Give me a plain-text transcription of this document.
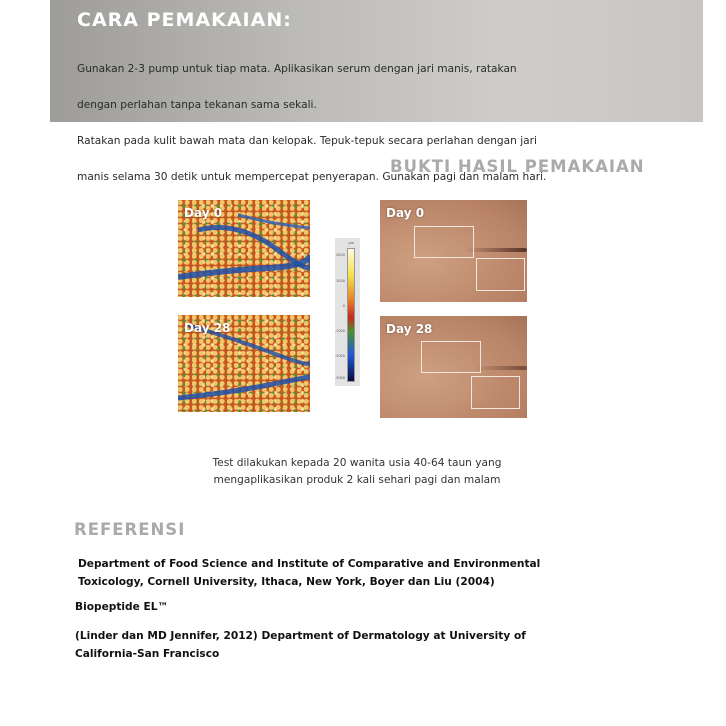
CARA PEMAKAIAN:

Gunakan 2-3 pump untuk tiap mata. Aplikasikan serum dengan jari manis, ratakan

dengan perlahan tanpa tekanan sama sekali.

Ratakan pada kulit bawah mata dan kelopak. Tepuk-tepuk secara perlahan dengan jari

manis selama 30 detik untuk mempercepat penyerapan. Gunakan pagi dan malam hari.

BUKTI HASIL PEMAKAIAN
Day 0
Day 28
µm
2000
1000
0
-1000
-2000
-3000
Day 0
Day 28
Test dilakukan kepada 20 wanita usia 40-64 taun yang
mengaplikasikan produk 2 kali sehari pagi dan malam
REFERENSI
Department of Food Science and Institute of Comparative and Environmental
Toxicology, Cornell University, Ithaca, New York, Boyer dan Liu (2004)
Biopeptide EL™
(Linder dan MD Jennifer, 2012) Department of Dermatology at University of
California-San Francisco
